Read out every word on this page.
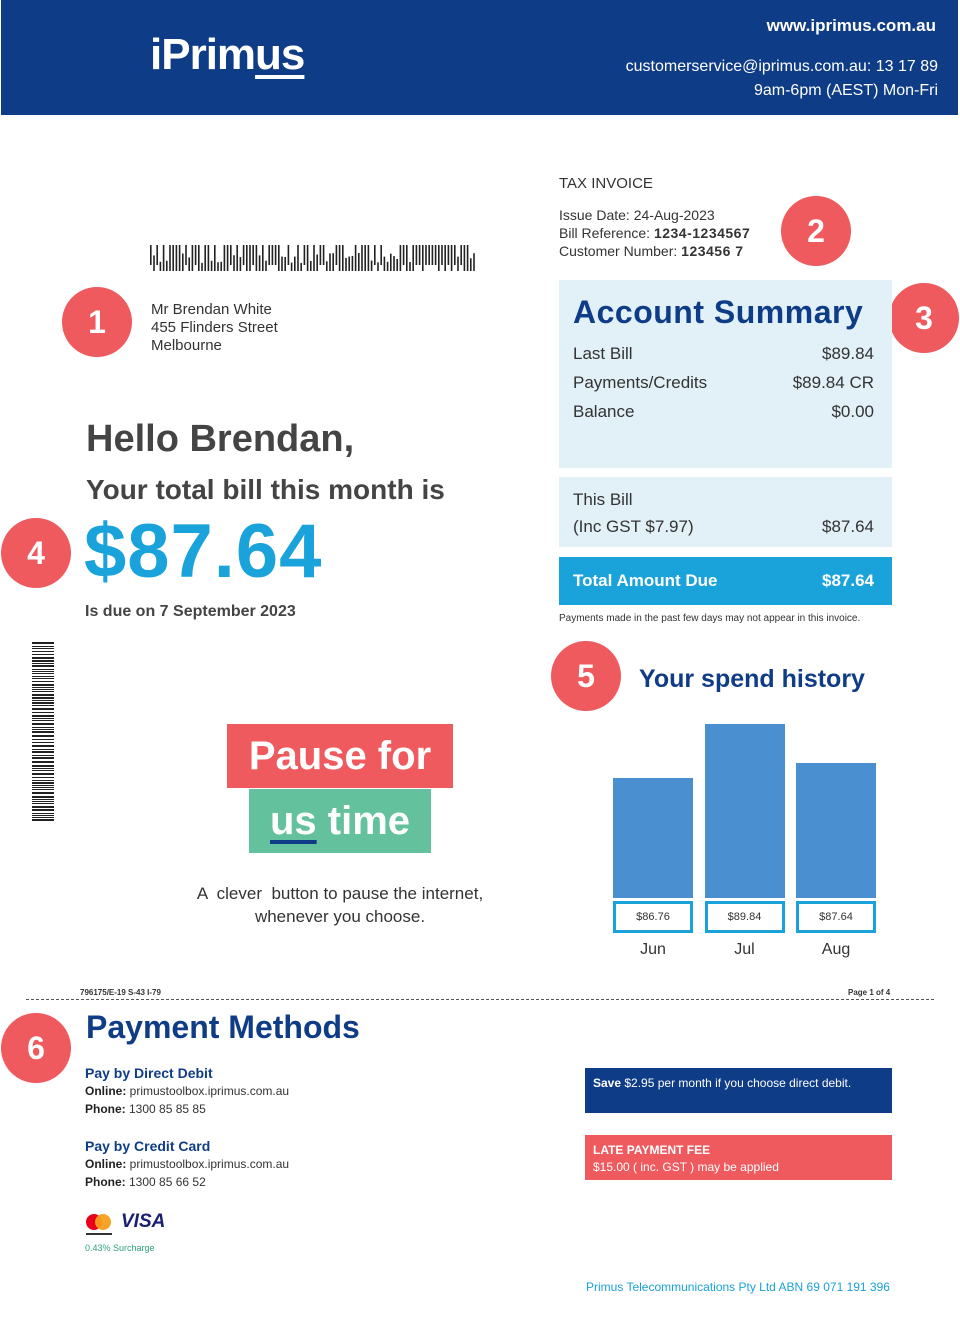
iPrimus
www.iprimus.com.au
customerservice@iprimus.com.au: 13 17 89
9am-6pm (AEST) Mon-Fri
TAX INVOICE
Issue Date: 24-Aug-2023
Bill Reference: 1234-1234567
Customer Number: 123456 7
1
2
3
4
5
6
Mr Brendan White
455 Flinders Street
Melbourne
Hello Brendan,
Your total bill this month is
$87.64
Is due on 7 September 2023
Account Summary
Last Bill	$89.84
Payments/Credits	$89.84 CR
Balance	$0.00
This Bill
(Inc GST $7.97)	$87.64
Total Amount Due	$87.64
Payments made in the past few days may not appear in this invoice.
Your spend history
$86.76
Jun
$89.84
Jul
$87.64
Aug
Pause for
us time
A  clever  button to pause the internet,
whenever you choose.
796175/E-19 S-43 I-79	Page 1 of 4
Payment Methods
Pay by Direct Debit
Online: primustoolbox.iprimus.com.au
Phone: 1300 85 85 85
Pay by Credit Card
Online: primustoolbox.iprimus.com.au
Phone: 1300 85 66 52
VISA
0.43% Surcharge
Save $2.95 per month if you choose direct debit.
LATE PAYMENT FEE
$15.00 ( inc. GST ) may be applied
Primus Telecommunications Pty Ltd ABN 69 071 191 396
